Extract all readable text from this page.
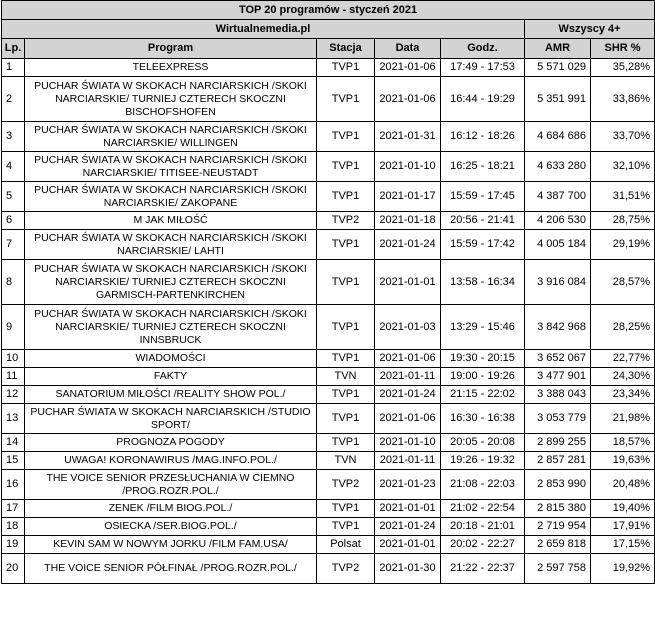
TOP 20 programów - styczeń 2021						
Wirtualnemedia.pl					Wszyscy 4+	
Lp.	Program	Stacja	Data	Godz.	AMR	SHR %
1	TELEEXPRESS	TVP1	2021-01-06	17:49 - 17:53	5 571 029	35,28%
2	PUCHAR ŚWIATA W SKOKACH NARCIARSKICH /SKOKI NARCIARSKIE/ TURNIEJ CZTERECH SKOCZNI BISCHOFSHOFEN	TVP1	2021-01-06	16:44 - 19:29	5 351 991	33,86%
3	PUCHAR ŚWIATA W SKOKACH NARCIARSKICH /SKOKI NARCIARSKIE/ WILLINGEN	TVP1	2021-01-31	16:12 - 18:26	4 684 686	33,70%
4	PUCHAR ŚWIATA W SKOKACH NARCIARSKICH /SKOKI NARCIARSKIE/ TITISEE-NEUSTADT	TVP1	2021-01-10	16:25 - 18:21	4 633 280	32,10%
5	PUCHAR ŚWIATA W SKOKACH NARCIARSKICH /SKOKI NARCIARSKIE/ ZAKOPANE	TVP1	2021-01-17	15:59 - 17:45	4 387 700	31,51%
6	M JAK MIŁOŚĆ	TVP2	2021-01-18	20:56 - 21:41	4 206 530	28,75%
7	PUCHAR ŚWIATA W SKOKACH NARCIARSKICH /SKOKI NARCIARSKIE/ LAHTI	TVP1	2021-01-24	15:59 - 17:42	4 005 184	29,19%
8	PUCHAR ŚWIATA W SKOKACH NARCIARSKICH /SKOKI NARCIARSKIE/ TURNIEJ CZTERECH SKOCZNI GARMISCH-PARTENKIRCHEN	TVP1	2021-01-01	13:58 - 16:34	3 916 084	28,57%
9	PUCHAR ŚWIATA W SKOKACH NARCIARSKICH /SKOKI NARCIARSKIE/ TURNIEJ CZTERECH SKOCZNI INNSBRUCK	TVP1	2021-01-03	13:29 - 15:46	3 842 968	28,25%
10	WIADOMOŚCI	TVP1	2021-01-06	19:30 - 20:15	3 652 067	22,77%
11	FAKTY	TVN	2021-01-11	19:00 - 19:26	3 477 901	24,30%
12	SANATORIUM MIŁOŚCI /REALITY SHOW POL./	TVP1	2021-01-24	21:15 - 22:02	3 388 043	23,34%
13	PUCHAR ŚWIATA W SKOKACH NARCIARSKICH /STUDIO SPORT/	TVP1	2021-01-06	16:30 - 16:38	3 053 779	21,98%
14	PROGNOZA POGODY	TVP1	2021-01-10	20:05 - 20:08	2 899 255	18,57%
15	UWAGA! KORONAWIRUS /MAG.INFO.POL./	TVN	2021-01-11	19:26 - 19:32	2 857 281	19,63%
16	THE VOICE SENIOR PRZESŁUCHANIA W CIEMNO /PROG.ROZR.POL./	TVP2	2021-01-23	21:08 - 22:03	2 853 990	20,48%
17	ZENEK /FILM BIOG.POL./	TVP1	2021-01-01	21:02 - 22:54	2 815 380	19,40%
18	OSIECKA /SER.BIOG.POL./	TVP1	2021-01-24	20:18 - 21:01	2 719 954	17,91%
19	KEVIN SAM W NOWYM JORKU /FILM FAM.USA/	Polsat	2021-01-01	20:02 - 22:27	2 659 818	17,15%
20	THE VOICE SENIOR PÓŁFINAŁ /PROG.ROZR.POL./	TVP2	2021-01-30	21:22 - 22:37	2 597 758	19,92%
